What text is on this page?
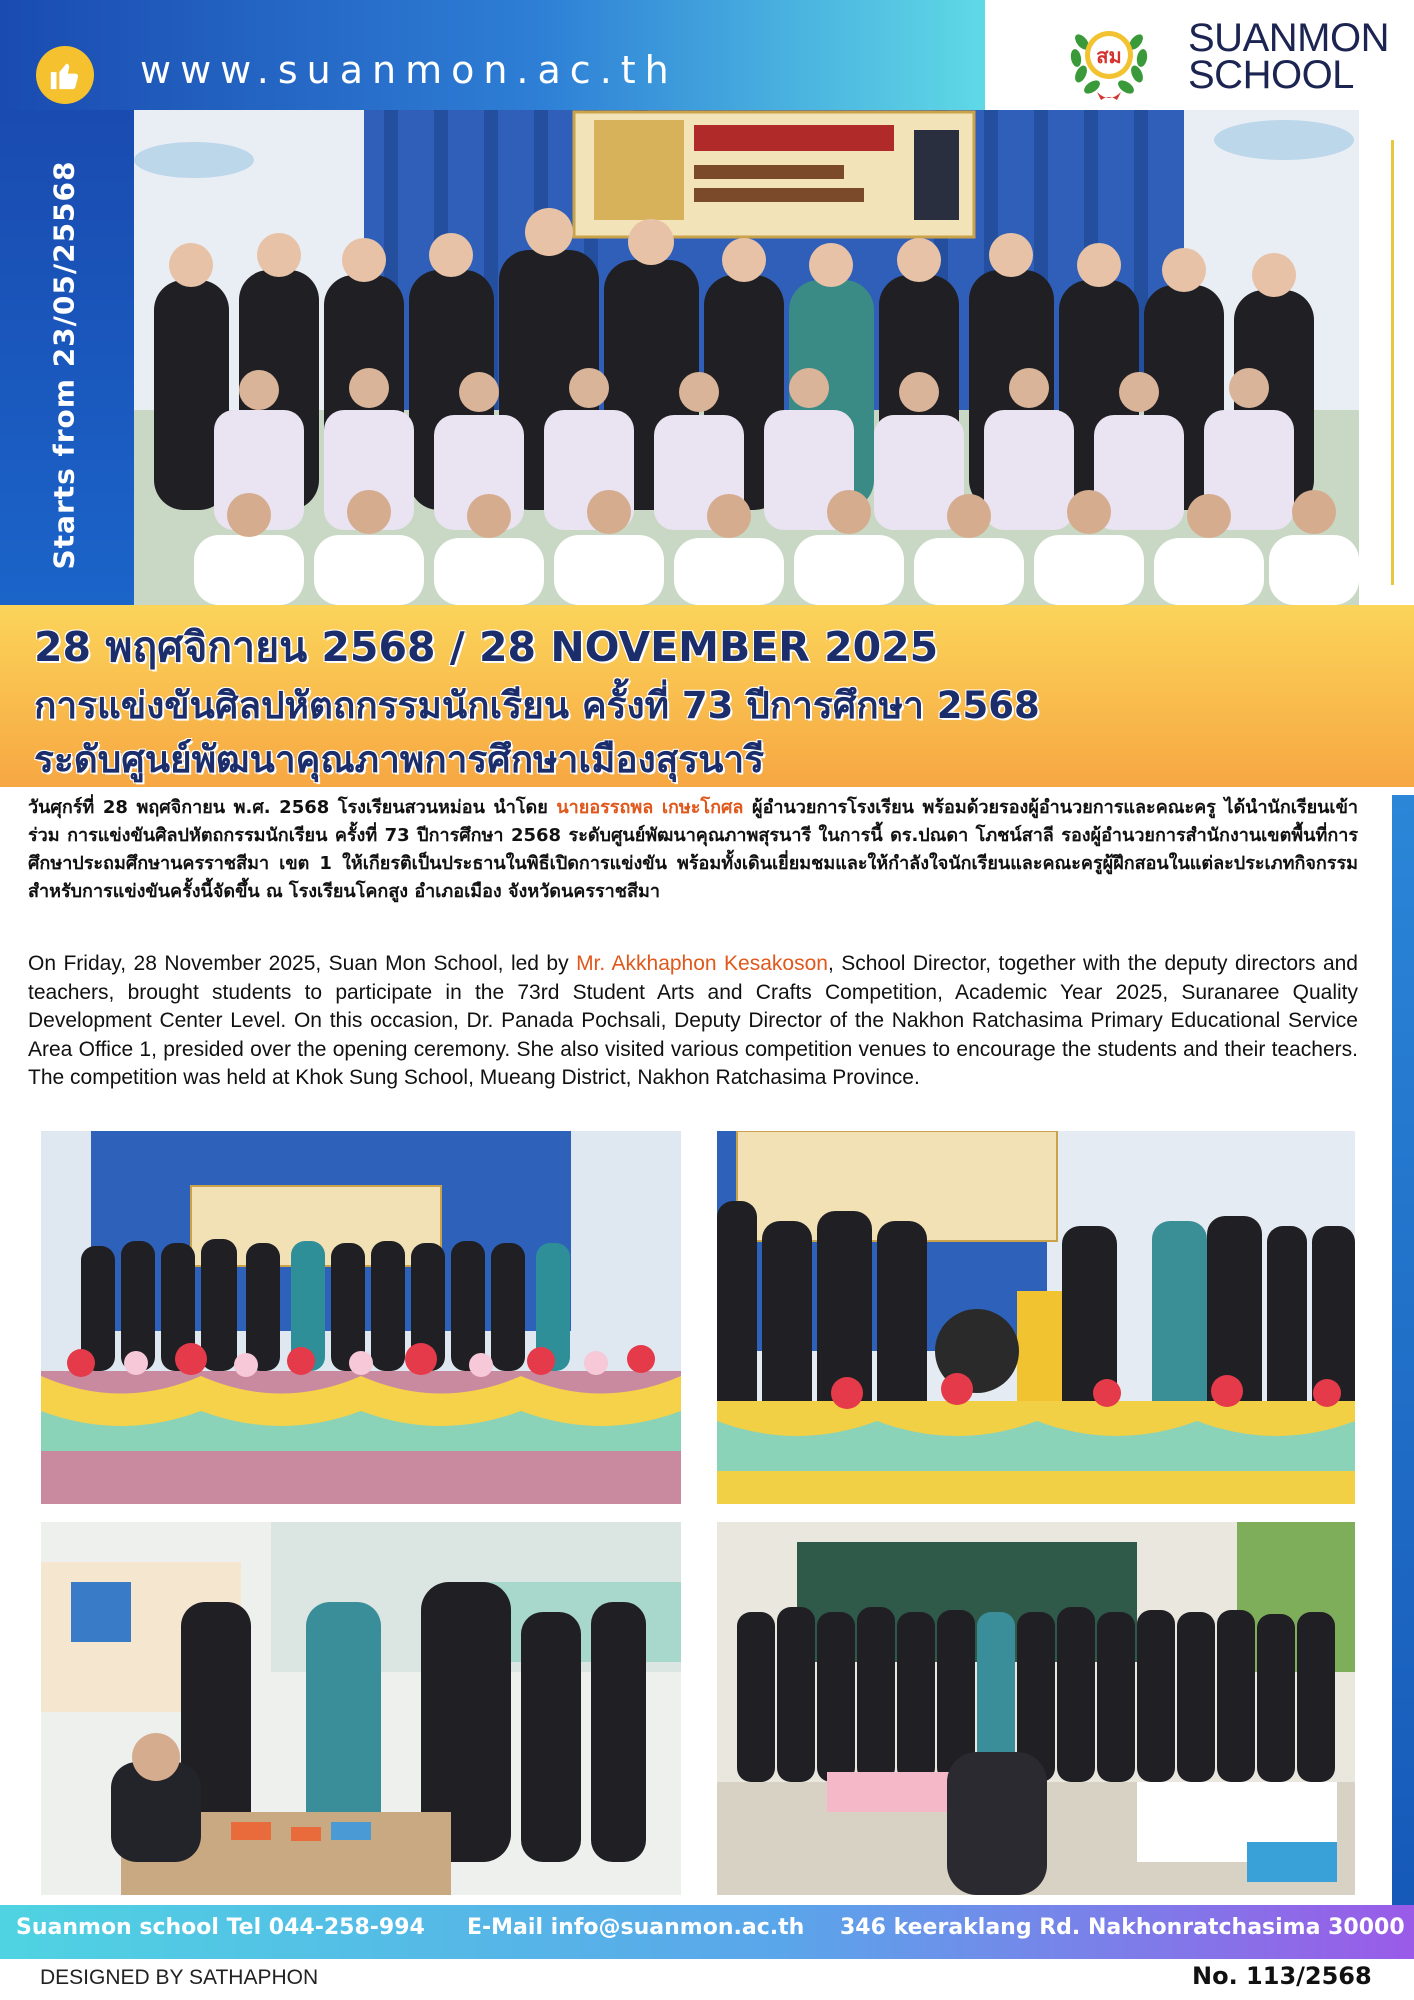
www.suanmon.ac.th	สม SUANMON
SCHOOL
Starts from 23/05/25568
28 พฤศจิกายน 2568 / 28 NOVEMBER 2025
การแข่งขันศิลปหัตถกรรมนักเรียน ครั้งที่ 73 ปีการศึกษา 2568
ระดับศูนย์พัฒนาคุณภาพการศึกษาเมืองสุรนารี
วันศุกร์ที่ 28 พฤศจิกายน พ.ศ. 2568 โรงเรียนสวนหม่อน นำโดย นายอรรถพล เกษะโกศล ผู้อำนวยการโรงเรียน พร้อมด้วยรองผู้อำนวยการและคณะครู ได้นำนักเรียนเข้าร่วม การแข่งขันศิลปหัตถกรรมนักเรียน ครั้งที่ 73 ปีการศึกษา 2568 ระดับศูนย์พัฒนาคุณภาพสุรนารี ในการนี้ ดร.ปณดา โภชน์สาลี รองผู้อำนวยการสำนักงานเขตพื้นที่การศึกษาประถมศึกษานครราชสีมา เขต 1 ให้เกียรติเป็นประธานในพิธีเปิดการแข่งขัน พร้อมทั้งเดินเยี่ยมชมและให้กำลังใจนักเรียนและคณะครูผู้ฝึกสอนในแต่ละประเภทกิจกรรม สำหรับการแข่งขันครั้งนี้จัดขึ้น ณ โรงเรียนโคกสูง อำเภอเมือง จังหวัดนครราชสีมา
On Friday, 28 November 2025, Suan Mon School, led by Mr. Akkhaphon Kesakoson, School Director, together with the deputy directors and teachers, brought students to participate in the 73rd Student Arts and Crafts Competition, Academic Year 2025, Suranaree Quality Development Center Level. On this occasion, Dr. Panada Pochsali, Deputy Director of the Nakhon Ratchasima Primary Educational Service Area Office 1, presided over the opening ceremony. She also visited various competition venues to encourage the students and their teachers. The competition was held at Khok Sung School, Mueang District, Nakhon Ratchasima Province.
Suanmon school Tel 044-258-994 E-Mail info@suanmon.ac.th 346 keeraklang Rd. Nakhonratchasima 30000
DESIGNED BY SATHAPHON	No. 113/2568
